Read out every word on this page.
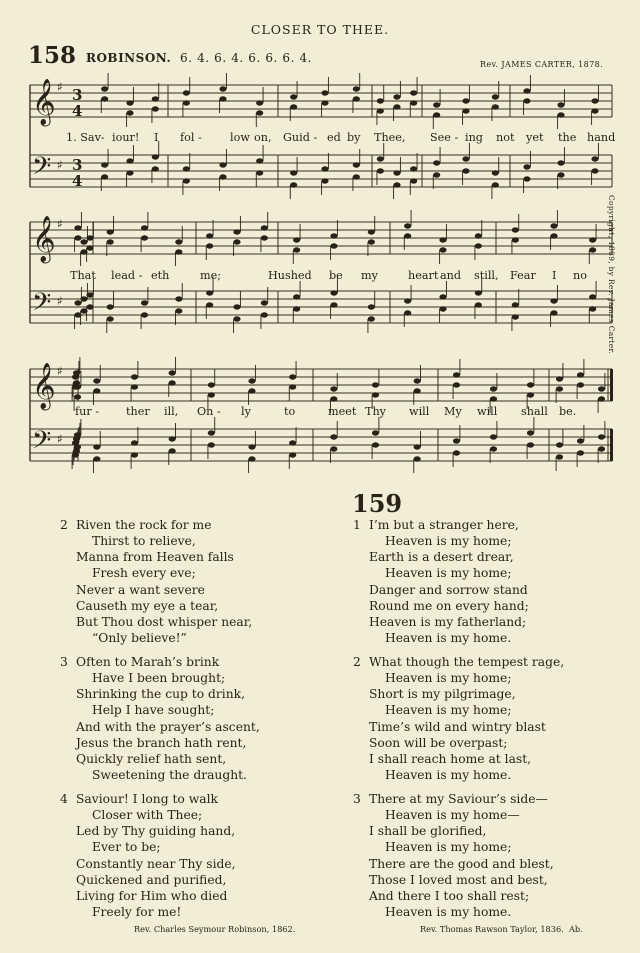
CLOSER TO THEE.
158 ROBINSON. 6. 4. 6. 4. 6. 6. 6. 4.	Rev. JAMES CARTER, 1878.
Copyright, 1889, by Rev. James Carter.
𝄞
𝄢
♯
♯
3
4
3
4
𝄞
𝄢
♯
♯
𝄞
𝄢
♯
♯
1. Sav- iour! I fol -	low on, Guid - ed by Thee, See - ing not yet the hand
That lead - eth	me;	Hushed be my	heart and still, Fear I no
fur - ther ill, On - ly	to	meet Thy will My will shall be.
159
2 Riven the rock for me
Thirst to relieve,
Manna from Heaven falls
Fresh every eve;
Never a want severe
Causeth my eye a tear,
But Thou dost whisper near,
“Only believe!”
3 Often to Marah’s brink
Have I been brought;
Shrinking the cup to drink,
Help I have sought;
And with the prayer’s ascent,
Jesus the branch hath rent,
Quickly relief hath sent,
Sweetening the draught.
4 Saviour! I long to walk
Closer with Thee;
Led by Thy guiding hand,
Ever to be;
Constantly near Thy side,
Quickened and purified,
Living for Him who died
Freely for me!
1 I’m but a stranger here,
Heaven is my home;
Earth is a desert drear,
Heaven is my home;
Danger and sorrow stand
Round me on every hand;
Heaven is my fatherland;
Heaven is my home.
2 What though the tempest rage,
Heaven is my home;
Short is my pilgrimage,
Heaven is my home;
Time’s wild and wintry blast
Soon will be overpast;
I shall reach home at last,
Heaven is my home.
3 There at my Saviour’s side—
Heaven is my home—
I shall be glorified,
Heaven is my home;
There are the good and blest,
Those I loved most and best,
And there I too shall rest;
Heaven is my home.
Rev. Charles Seymour Robinson, 1862.	Rev. Thomas Rawson Taylor, 1836. Ab.
